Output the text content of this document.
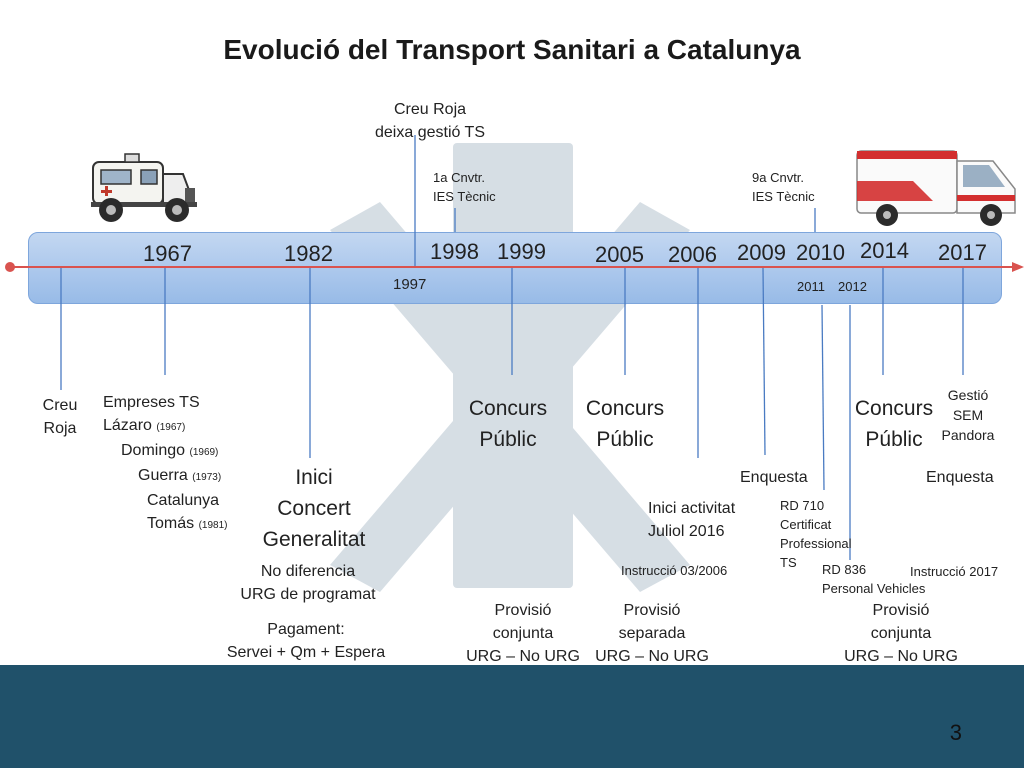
Evolució del Transport Sanitari a Catalunya
1967	1982
1997
1998 1999 2005 2006 2009 2010
2011 2012
2014 2017
Creu Roja
deixa gestió TS
1a Cnvtr.
IES Tècnic
9a Cnvtr.
IES Tècnic
Creu
Roja
Empreses TS
Lázaro (1967)
Domingo (1969)
Guerra (1973)
Catalunya
Tomás (1981)
Inici
Concert
Generalitat
No diferencia
URG de programat
Pagament:
Servei + Qm + Espera
Concurs
Públic
Concurs
Públic
Concurs
Públic
Provisió
conjunta
URG – No URG
Provisió
separada
URG – No URG
Provisió
conjunta
URG – No URG
Instrucció 03/2006
Inici activitat
Juliol 2016
Enquesta	Enquesta
RD 710
Certificat
Professional
TS	RD 836
Personal Vehicles
Gestió
SEM
Pandora
Instrucció 2017
3
